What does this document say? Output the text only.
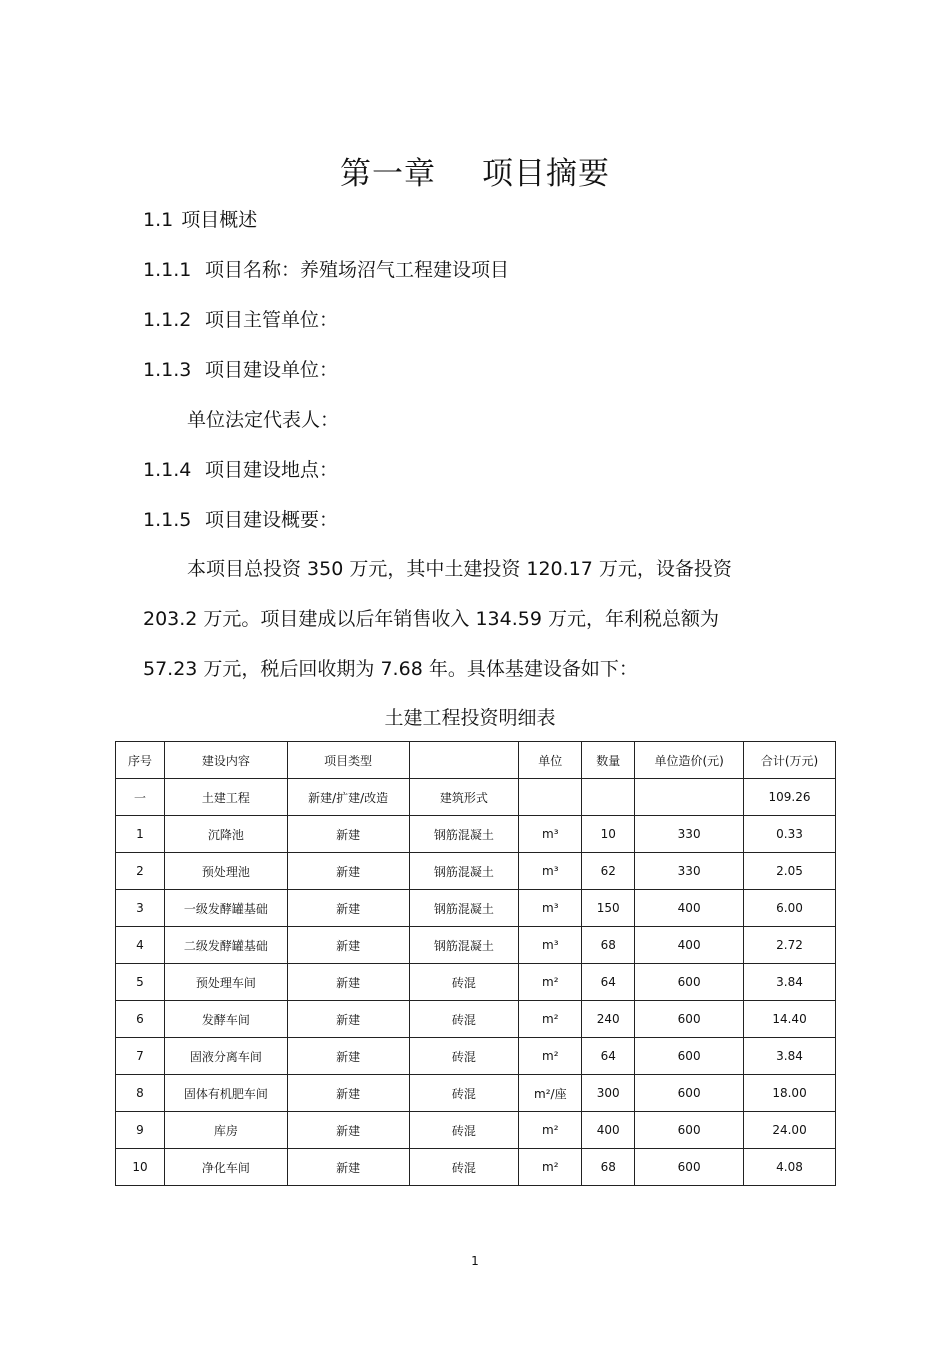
第一章 项目摘要
1.1 项目概述
1.1.1 项目名称：养殖场沼气工程建设项目
1.1.2 项目主管单位：
1.1.3 项目建设单位：
单位法定代表人：
1.1.4 项目建设地点：
1.1.5 项目建设概要：
本项目总投资 350 万元，其中土建投资 120.17 万元，设备投资
203.2 万元。项目建成以后年销售收入 134.59 万元，年利税总额为
57.23 万元，税后回收期为 7.68 年。具体基建设备如下：
土建工程投资明细表
序号	建设内容	项目类型		单位	数量	单位造价(元)	合计(万元)
一	土建工程	新建/扩建/改造	建筑形式				109.26
1	沉降池	新建	钢筋混凝土	m³	10	330	0.33
2	预处理池	新建	钢筋混凝土	m³	62	330	2.05
3	一级发酵罐基础	新建	钢筋混凝土	m³	150	400	6.00
4	二级发酵罐基础	新建	钢筋混凝土	m³	68	400	2.72
5	预处理车间	新建	砖混	m²	64	600	3.84
6	发酵车间	新建	砖混	m²	240	600	14.40
7	固液分离车间	新建	砖混	m²	64	600	3.84
8	固体有机肥车间	新建	砖混	m²/座	300	600	18.00
9	库房	新建	砖混	m²	400	600	24.00
10	净化车间	新建	砖混	m²	68	600	4.08
1
